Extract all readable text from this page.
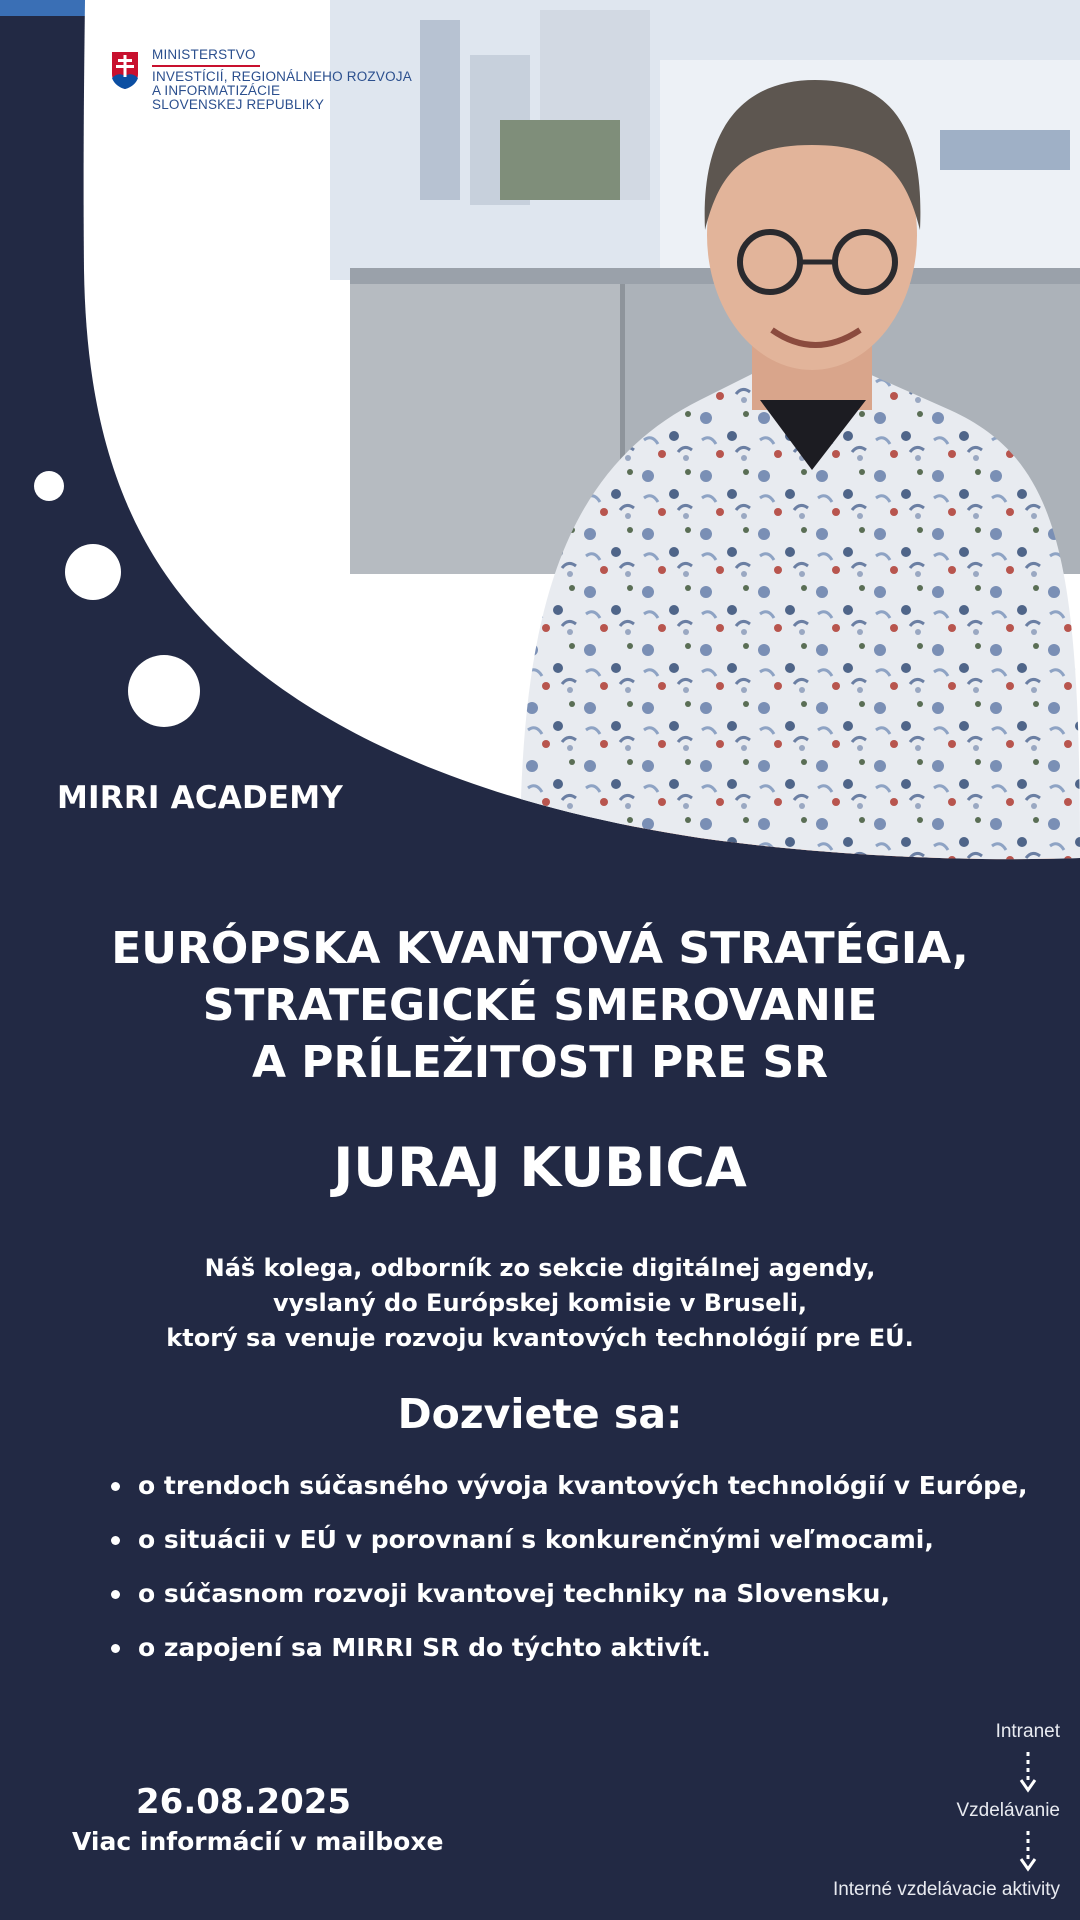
MINISTERSTVO
INVESTÍCIÍ, REGIONÁLNEHO ROZVOJA
A INFORMATIZÁCIE
SLOVENSKEJ REPUBLIKY
MIRRI ACADEMY
EURÓPSKA KVANTOVÁ STRATÉGIA,
STRATEGICKÉ SMEROVANIE
A PRÍLEŽITOSTI PRE SR
JURAJ KUBICA
Náš kolega, odborník zo sekcie digitálnej agendy,
vyslaný do Európskej komisie v Bruseli,
ktorý sa venuje rozvoju kvantových technológií pre EÚ.
Dozviete sa:
o trendoch súčasného vývoja kvantových technológií v Európe,
o situácii v EÚ v porovnaní s konkurenčnými veľmocami,
o súčasnom rozvoji kvantovej techniky na Slovensku,
o zapojení sa MIRRI SR do týchto aktivít.
26.08.2025
Viac informácií v mailboxe
Intranet
Vzdelávanie
Interné vzdelávacie aktivity
